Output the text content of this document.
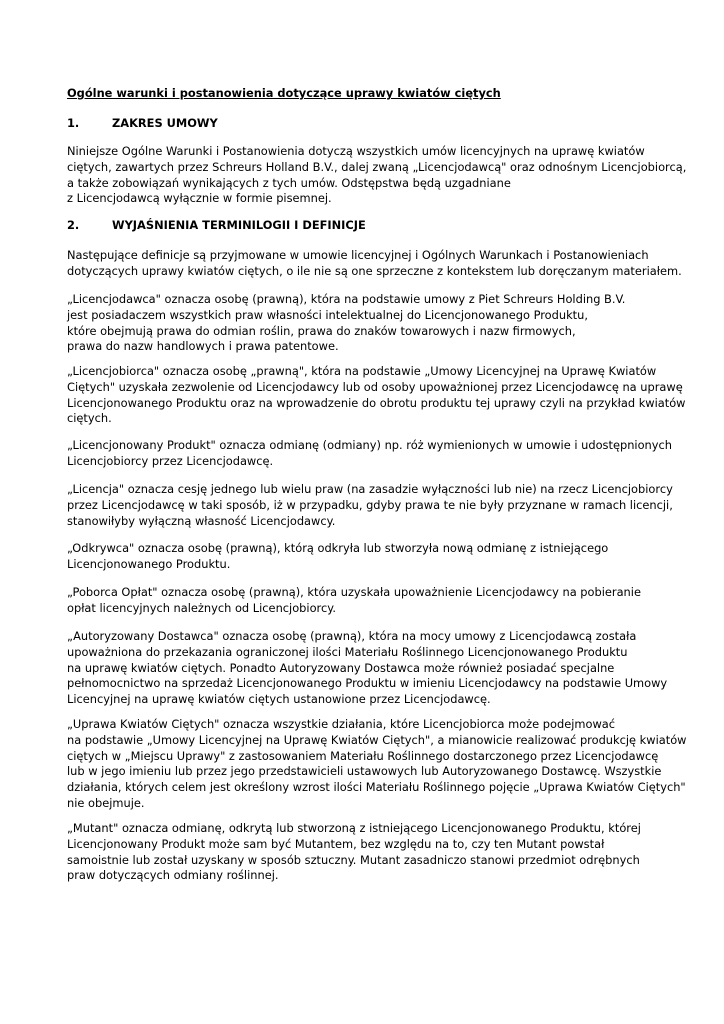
Ogólne warunki i postanowienia dotyczące uprawy kwiatów ciętych
1.	ZAKRES UMOWY
Niniejsze Ogólne Warunki i Postanowienia dotyczą wszystkich umów licencyjnych na uprawę kwiatów
ciętych, zawartych przez Schreurs Holland B.V., dalej zwaną „Licencjodawcą" oraz odnośnym Licencjobiorcą,
a także zobowiązań wynikających z tych umów. Odstępstwa będą uzgadniane
z Licencjodawcą wyłącznie w formie pisemnej.
2.	WYJAŚNIENIA TERMINILOGII I DEFINICJE
Następujące definicje są przyjmowane w umowie licencyjnej i Ogólnych Warunkach i Postanowieniach
dotyczących uprawy kwiatów ciętych, o ile nie są one sprzeczne z kontekstem lub doręczanym materiałem.
„Licencjodawca" oznacza osobę (prawną), która na podstawie umowy z Piet Schreurs Holding B.V.
jest posiadaczem wszystkich praw własności intelektualnej do Licencjonowanego Produktu,
które obejmują prawa do odmian roślin, prawa do znaków towarowych i nazw firmowych,
prawa do nazw handlowych i prawa patentowe.
„Licencjobiorca" oznacza osobę „prawną", która na podstawie „Umowy Licencyjnej na Uprawę Kwiatów
Ciętych" uzyskała zezwolenie od Licencjodawcy lub od osoby upoważnionej przez Licencjodawcę na uprawę
Licencjonowanego Produktu oraz na wprowadzenie do obrotu produktu tej uprawy czyli na przykład kwiatów
ciętych.
„Licencjonowany Produkt" oznacza odmianę (odmiany) np. róż wymienionych w umowie i udostępnionych
Licencjobiorcy przez Licencjodawcę.
„Licencja" oznacza cesję jednego lub wielu praw (na zasadzie wyłączności lub nie) na rzecz Licencjobiorcy
przez Licencjodawcę w taki sposób, iż w przypadku, gdyby prawa te nie były przyznane w ramach licencji,
stanowiłyby wyłączną własność Licencjodawcy.
„Odkrywca" oznacza osobę (prawną), którą odkryła lub stworzyła nową odmianę z istniejącego
Licencjonowanego Produktu.
„Poborca Opłat" oznacza osobę (prawną), która uzyskała upoważnienie Licencjodawcy na pobieranie
opłat licencyjnych należnych od Licencjobiorcy.
„Autoryzowany Dostawca" oznacza osobę (prawną), która na mocy umowy z Licencjodawcą została
upoważniona do przekazania ograniczonej ilości Materiału Roślinnego Licencjonowanego Produktu
na uprawę kwiatów ciętych. Ponadto Autoryzowany Dostawca może również posiadać specjalne
pełnomocnictwo na sprzedaż Licencjonowanego Produktu w imieniu Licencjodawcy na podstawie Umowy
Licencyjnej na uprawę kwiatów ciętych ustanowione przez Licencjodawcę.
„Uprawa Kwiatów Ciętych" oznacza wszystkie działania, które Licencjobiorca może podejmować
na podstawie „Umowy Licencyjnej na Uprawę Kwiatów Ciętych", a mianowicie realizować produkcję kwiatów
ciętych w „Miejscu Uprawy" z zastosowaniem Materiału Roślinnego dostarczonego przez Licencjodawcę
lub w jego imieniu lub przez jego przedstawicieli ustawowych lub Autoryzowanego Dostawcę. Wszystkie
działania, których celem jest określony wzrost ilości Materiału Roślinnego pojęcie „Uprawa Kwiatów Ciętych"
nie obejmuje.
„Mutant" oznacza odmianę, odkrytą lub stworzoną z istniejącego Licencjonowanego Produktu, której
Licencjonowany Produkt może sam być Mutantem, bez względu na to, czy ten Mutant powstał
samoistnie lub został uzyskany w sposób sztuczny. Mutant zasadniczo stanowi przedmiot odrębnych
praw dotyczących odmiany roślinnej.
